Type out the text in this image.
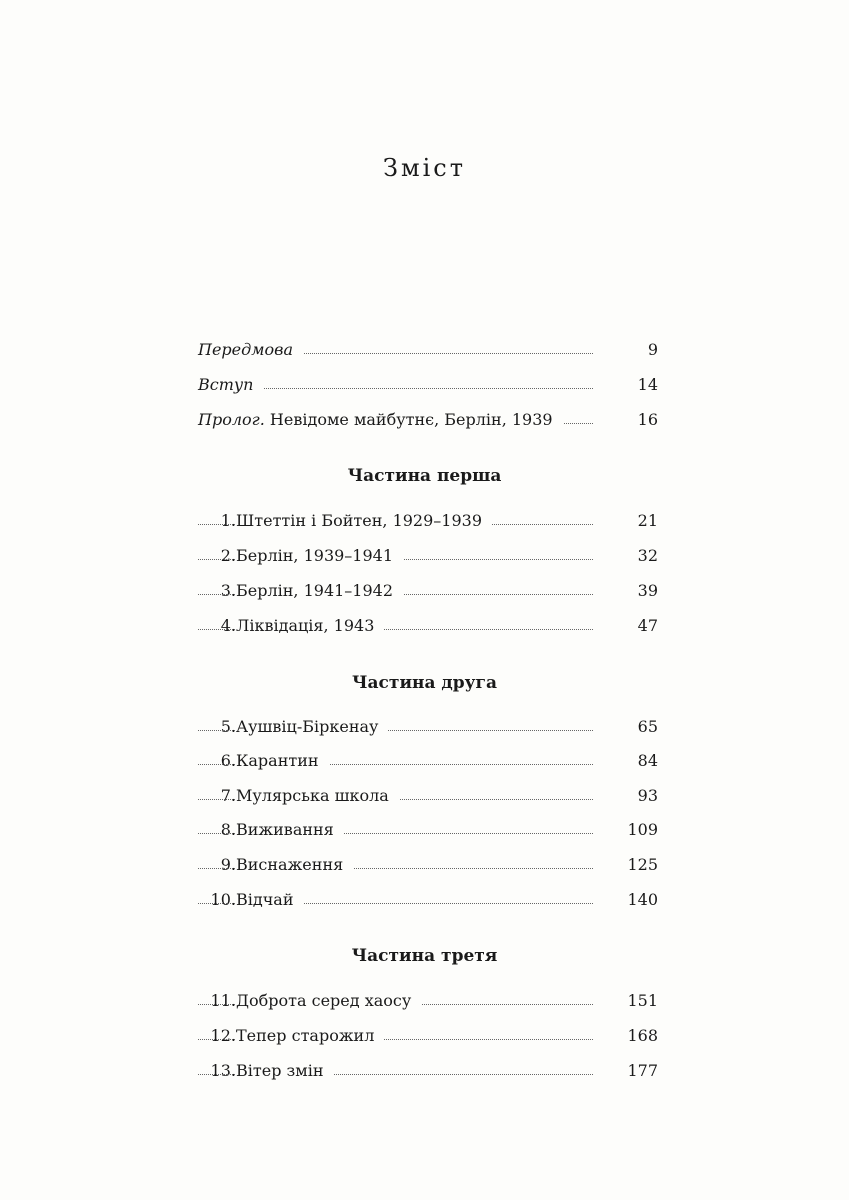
Зміст
Передмова	9
Вступ	14
Пролог. Невідоме майбутнє, Берлін, 1939	16
Частина перша
1. Штеттін і Бойтен, 1929–1939	21
2. Берлін, 1939–1941	32
3. Берлін, 1941–1942	39
4. Ліквідація, 1943	47
Частина друга
5. Аушвіц-Біркенау	65
6. Карантин	84
7. Мулярська школа	93
8. Виживання	109
9. Виснаження	125
10. Відчай	140
Частина третя
11. Доброта серед хаосу	151
12. Тепер старожил	168
13. Вітер змін	177
